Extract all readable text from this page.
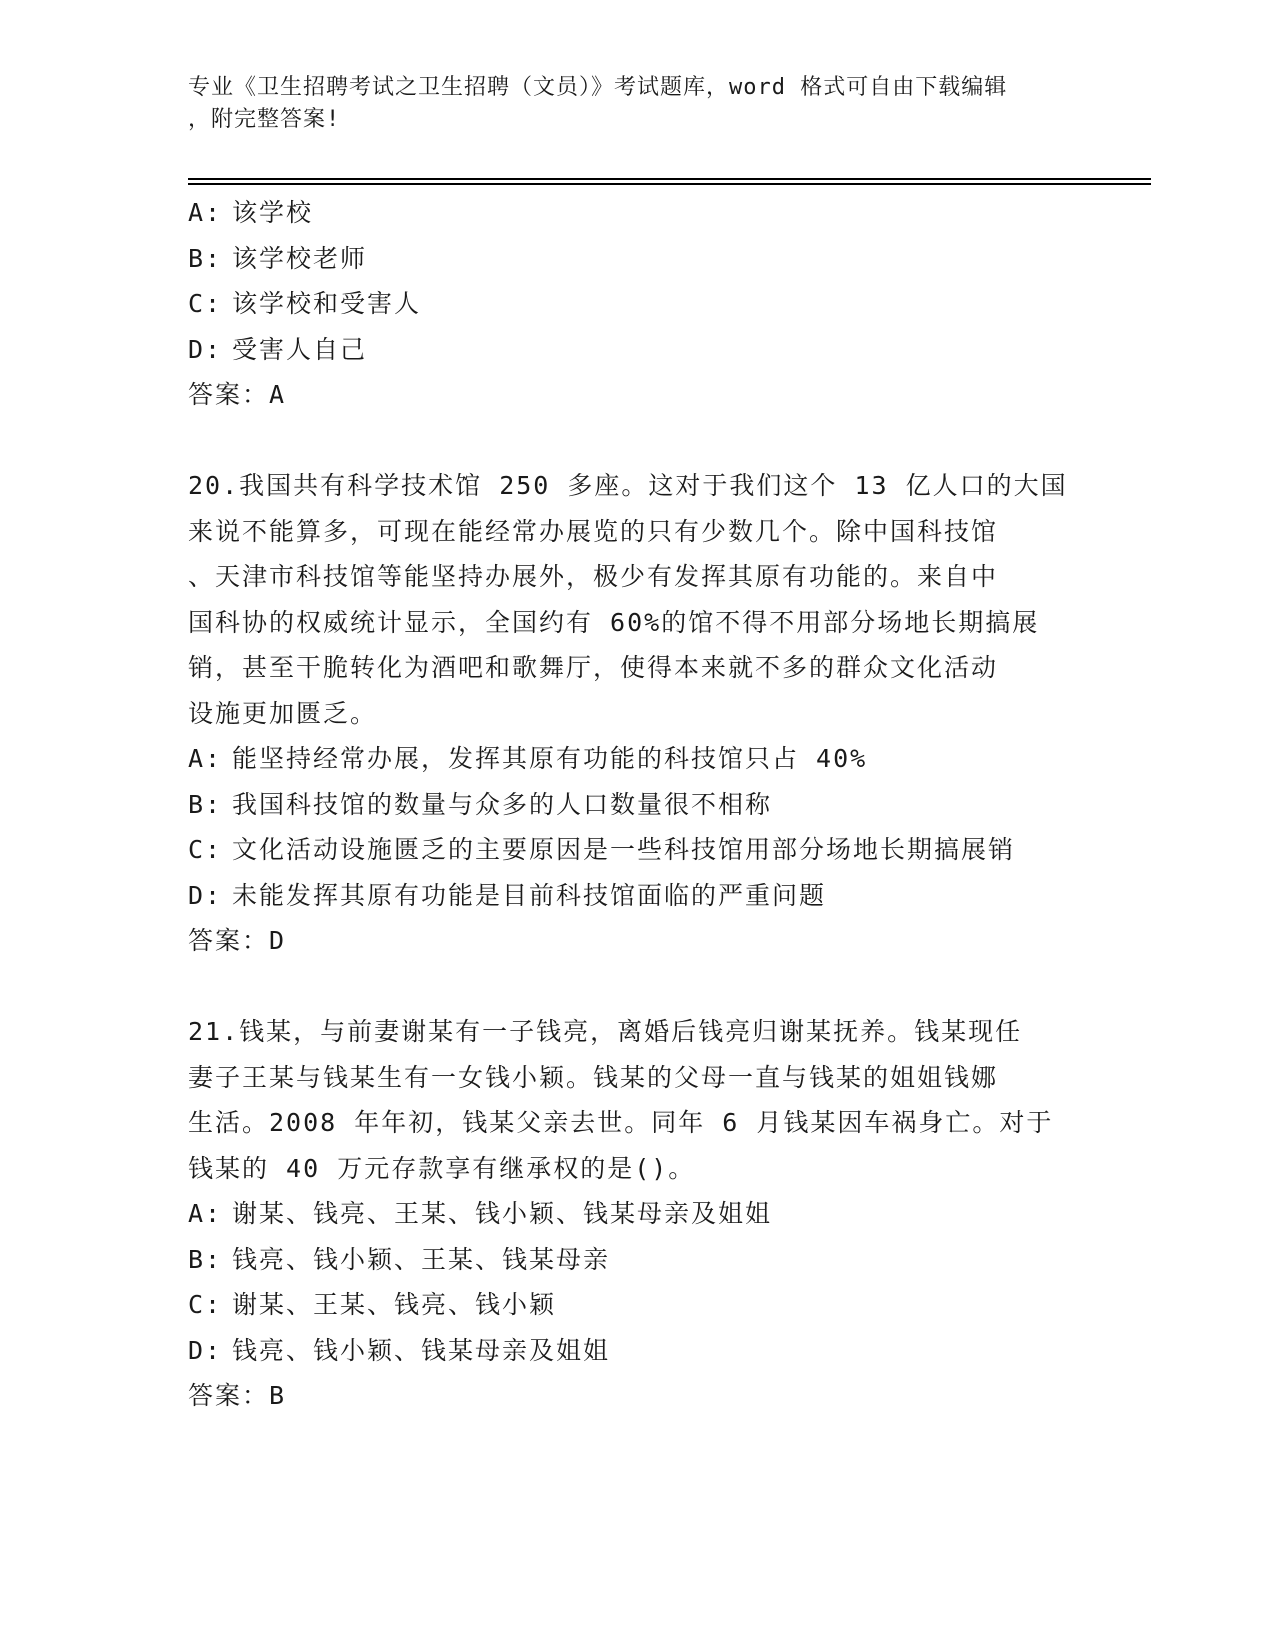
专业《卫生招聘考试之卫生招聘（文员）》考试题库，word 格式可自由下载编辑
，附完整答案!
A: 该学校
B: 该学校老师
C: 该学校和受害人
D: 受害人自己
答案：A
20.我国共有科学技术馆 250 多座。这对于我们这个 13 亿人口的大国
来说不能算多，可现在能经常办展览的只有少数几个。除中国科技馆
、天津市科技馆等能坚持办展外，极少有发挥其原有功能的。来自中
国科协的权威统计显示，全国约有 60%的馆不得不用部分场地长期搞展
销，甚至干脆转化为酒吧和歌舞厅，使得本来就不多的群众文化活动
设施更加匮乏。
A: 能坚持经常办展，发挥其原有功能的科技馆只占 40%
B: 我国科技馆的数量与众多的人口数量很不相称
C: 文化活动设施匮乏的主要原因是一些科技馆用部分场地长期搞展销
D: 未能发挥其原有功能是目前科技馆面临的严重问题
答案：D
21.钱某，与前妻谢某有一子钱亮，离婚后钱亮归谢某抚养。钱某现任
妻子王某与钱某生有一女钱小颖。钱某的父母一直与钱某的姐姐钱娜
生活。2008 年年初，钱某父亲去世。同年 6 月钱某因车祸身亡。对于
钱某的 40 万元存款享有继承权的是()。
A: 谢某、钱亮、王某、钱小颖、钱某母亲及姐姐
B: 钱亮、钱小颖、王某、钱某母亲
C: 谢某、王某、钱亮、钱小颖
D: 钱亮、钱小颖、钱某母亲及姐姐
答案：B
